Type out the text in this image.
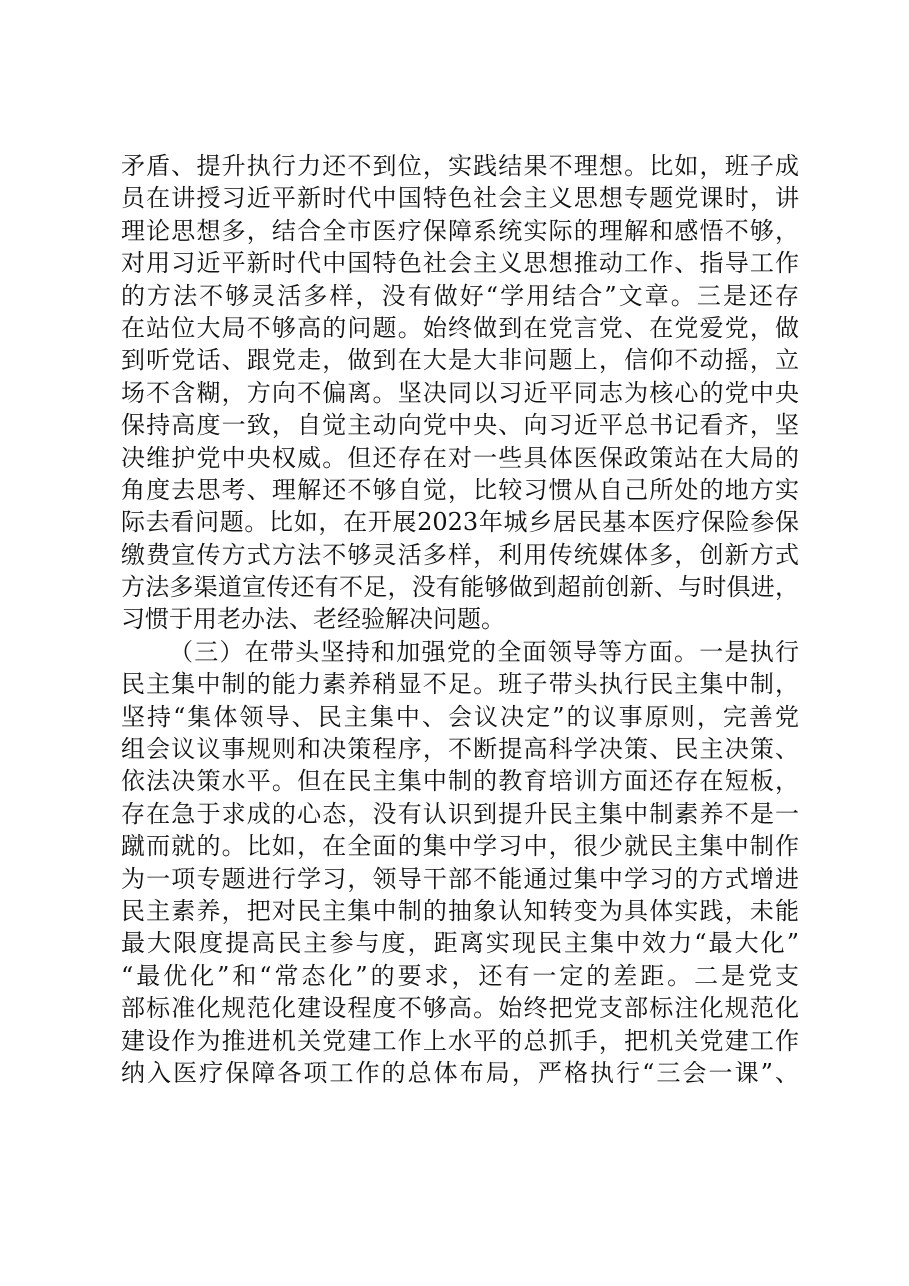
矛盾、提升执行力还不到位，实践结果不理想。比如，班子成
员在讲授习近平新时代中国特色社会主义思想专题党课时，讲
理论思想多，结合全市医疗保障系统实际的理解和感悟不够，
对用习近平新时代中国特色社会主义思想推动工作、指导工作
的方法不够灵活多样，没有做好“学用结合”文章。三是还存
在站位大局不够高的问题。始终做到在党言党、在党爱党，做
到听党话、跟党走，做到在大是大非问题上，信仰不动摇，立
场不含糊，方向不偏离。坚决同以习近平同志为核心的党中央
保持高度一致，自觉主动向党中央、向习近平总书记看齐，坚
决维护党中央权威。但还存在对一些具体医保政策站在大局的
角度去思考、理解还不够自觉，比较习惯从自己所处的地方实
际去看问题。比如，在开展2023年城乡居民基本医疗保险参保
缴费宣传方式方法不够灵活多样，利用传统媒体多，创新方式
方法多渠道宣传还有不足，没有能够做到超前创新、与时俱进，
习惯于用老办法、老经验解决问题。
（三）在带头坚持和加强党的全面领导等方面。一是执行
民主集中制的能力素养稍显不足。班子带头执行民主集中制，
坚持“集体领导、民主集中、会议决定”的议事原则，完善党
组会议议事规则和决策程序，不断提高科学决策、民主决策、
依法决策水平。但在民主集中制的教育培训方面还存在短板，
存在急于求成的心态，没有认识到提升民主集中制素养不是一
蹴而就的。比如，在全面的集中学习中，很少就民主集中制作
为一项专题进行学习，领导干部不能通过集中学习的方式增进
民主素养，把对民主集中制的抽象认知转变为具体实践，未能
最大限度提高民主参与度，距离实现民主集中效力“最大化”
“最优化”和“常态化”的要求，还有一定的差距。二是党支
部标准化规范化建设程度不够高。始终把党支部标注化规范化
建设作为推进机关党建工作上水平的总抓手，把机关党建工作
纳入医疗保障各项工作的总体布局，严格执行“三会一课”、
